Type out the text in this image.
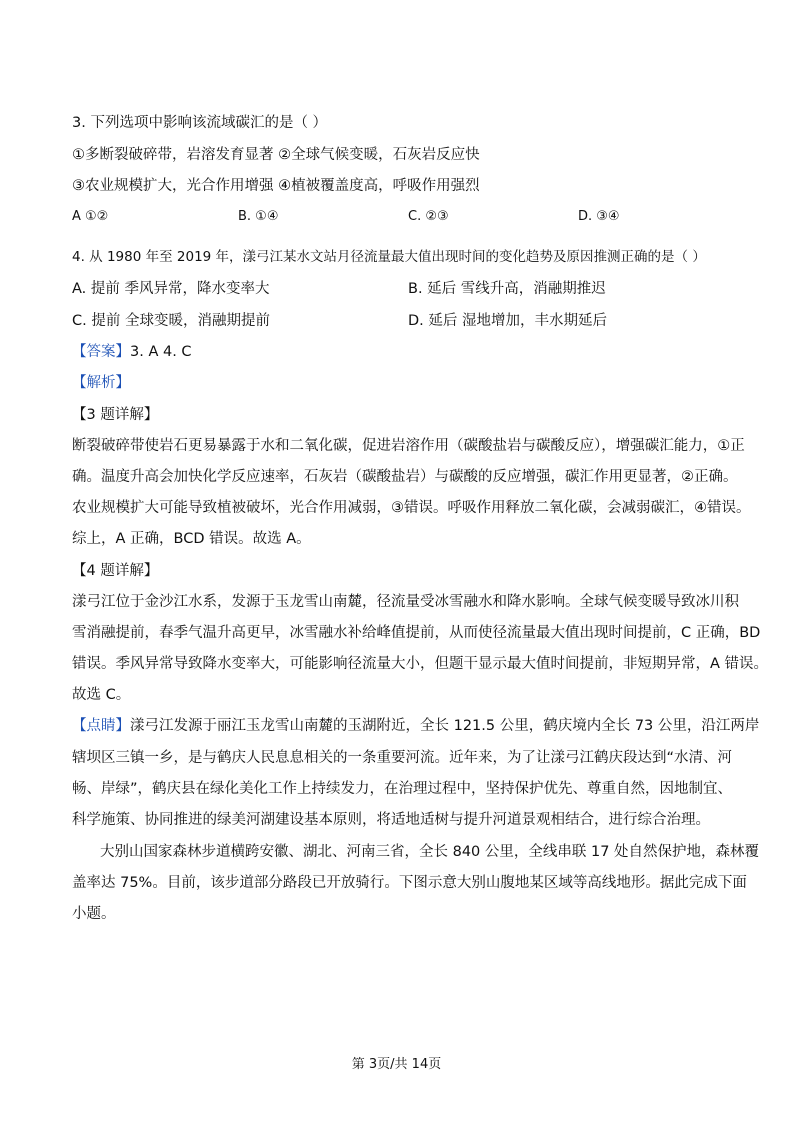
3. 下列选项中影响该流域碳汇的是（ ）
①多断裂破碎带，岩溶发育显著 ②全球气候变暖，石灰岩反应快
③农业规模扩大，光合作用增强 ④植被覆盖度高，呼吸作用强烈
A ①②	B. ①④	C. ②③	D. ③④
4. 从 1980 年至 2019 年，漾弓江某水文站月径流量最大值出现时间的变化趋势及原因推测正确的是（ ）
A. 提前 季风异常，降水变率大	B. 延后 雪线升高，消融期推迟
C. 提前 全球变暖，消融期提前	D. 延后 湿地增加，丰水期延后
【答案】3. A 4. C
【解析】
【3 题详解】
断裂破碎带使岩石更易暴露于水和二氧化碳，促进岩溶作用（碳酸盐岩与碳酸反应），增强碳汇能力，①正
确。温度升高会加快化学反应速率，石灰岩（碳酸盐岩）与碳酸的反应增强，碳汇作用更显著，②正确。
农业规模扩大可能导致植被破坏，光合作用减弱，③错误。呼吸作用释放二氧化碳，会减弱碳汇，④错误。
综上，A 正确，BCD 错误。故选 A。
【4 题详解】
漾弓江位于金沙江水系，发源于玉龙雪山南麓，径流量受冰雪融水和降水影响。全球气候变暖导致冰川积
雪消融提前，春季气温升高更早，冰雪融水补给峰值提前，从而使径流量最大值出现时间提前，C 正确，BD
错误。季风异常导致降水变率大，可能影响径流量大小，但题干显示最大值时间提前，非短期异常，A 错误。
故选 C。
【点睛】漾弓江发源于丽江玉龙雪山南麓的玉湖附近，全长 121.5 公里，鹤庆境内全长 73 公里，沿江两岸
辖坝区三镇一乡，是与鹤庆人民息息相关的一条重要河流。近年来，为了让漾弓江鹤庆段达到“水清、河
畅、岸绿”，鹤庆县在绿化美化工作上持续发力，在治理过程中，坚持保护优先、尊重自然，因地制宜、
科学施策、协同推进的绿美河湖建设基本原则，将适地适树与提升河道景观相结合，进行综合治理。
大别山国家森林步道横跨安徽、湖北、河南三省，全长 840 公里，全线串联 17 处自然保护地，森林覆
盖率达 75%。目前，该步道部分路段已开放骑行。下图示意大别山腹地某区域等高线地形。据此完成下面
小题。
第 3页/共 14页
